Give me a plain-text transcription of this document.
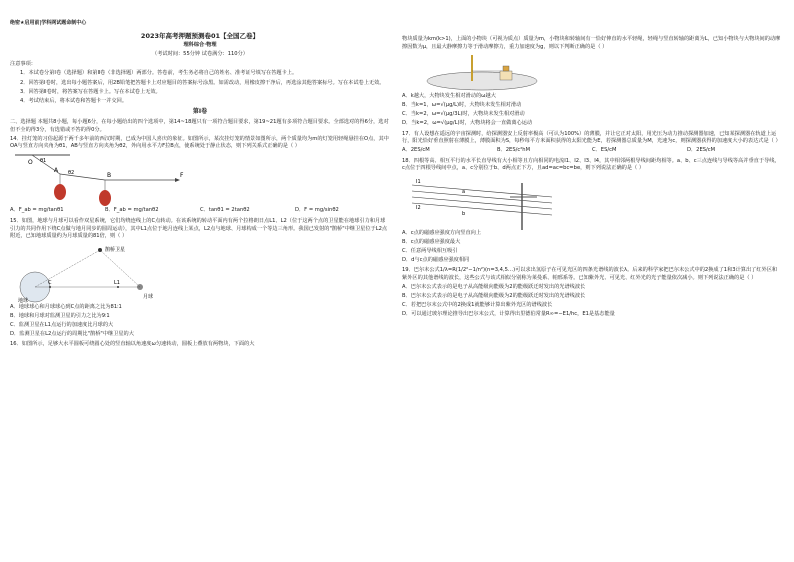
绝密★启用前|学科网试题命制中心
2023年高考押题预测卷01【全国乙卷】
理科综合·物理
（考试时间：55分钟 试卷满分：110分）
注意事项：
1．本试卷分第Ⅰ卷（选择题）和第Ⅱ卷（非选择题）两部分。答卷前，考生务必将自己的姓名、准考证号填写在答题卡上。
2．回答第Ⅰ卷时，选出每小题答案后，用2B铅笔把答题卡上对应题目的答案标号涂黑。如需改动，用橡皮擦干净后，再选涂其他答案标号。写在本试卷上无效。
3．回答第Ⅱ卷时，将答案写在答题卡上。写在本试卷上无效。
4．考试结束后，将本试卷和答题卡一并交回。
第Ⅰ卷
二、选择题 本题共8小题，每小题6分，在每小题给出的四个选项中，第14~18题只有一项符合题目要求，第19~21题有多项符合题目要求。全部选对的得6分，选对但不全的得3分，有选错或不答的得0分。
14．挂灯笼的习俗起源于两千多年前的西汉时期，已成为中国人喜庆的象征。如图所示，某次挂灯笼的情景如图所示，两个质量均为m的灯笼用轻绳悬挂在O点，其中OA与竖直方向夹角为θ1，AB与竖直方向夹角为θ2，外向用水平力F拉B点，使系统处于静止状态，则下列关系式正确的是（ ）
O
A
B	F
θ1
θ2
A．F_ab = mg/tanθ1	B．F_ab = mg/tanθ2	C．tanθ1 = 2tanθ2	D．F = mg/sinθ2
15．如图，地球与月球可以看作双星系统，它们均绕连线上的C点转动。在该系统的转动平面内有两个拉格朗日点L1、L2（位于这两个点的卫星能在地球引力和月球引力的共同作用下绕C点做与地月同步的圆周运动），其中L1点位于地月连线上某点，L2点与地球、月球构成一个等边三角形。我国已发射的"鹊桥"中继卫星位于L2点附近，已知地球质量约为月球质量的81倍，则（ ）
鹊桥卫星
月球
地球
L1
C
A．地球球心和月球球心到C点的距离之比为81∶1
B．地球和月球对监测卫星的引力之比为9∶1
C．监测卫星在L1点运行的加速度比月球的大
D．监测卫星在L2点运行的周期比"鹊桥"中继卫星的大
16．如图所示，足够大水平圆板可绕圆心处的竖直轴以角速度ω匀速转动，圆板上叠放有两物块，下面的大
物块质量为km(k>1)，上面的小物块（可视为质点）质量为m，小物块和转轴间有一恰好伸直的水平轻绳，轻绳与竖直转轴的距离为L，已知小物块与大物块间的动摩擦因数为μ，且最大静摩擦力等于滑动摩擦力，重力加速度为g，则以下判断正确的是（ ）
A．k越大，大物块发生相对滑动的ω越大
B．当k=1，ω=√(μg/L)时，大物块未发生相对滑动
C．当k=2，ω=√(μg/3L)时，大物块未发生相对滑动
D．当k=2，ω=√(μg/L)时，大物块将会一直做离心运动
17．有人设想在遥远的宇宙探测时，给探测器安上反射率极高（可认为100%）的薄膜，并让它正对太阳，用光压为动力推动探测器加速，已知某探测器在轨道上运行，阳光恰好垂直照射在薄膜上，薄膜面积为S，每秒每平方米面积获得的太阳光能为E，若探测器总质量为M，光速为c，则探测器获得的加速度大小的表达式是（ ）
A．2ES/cM	B．2ES/c²hM	C．ES/cM	D．2ES/cM
18．四根等高、相互平行的水平长直导线有大小相等且方向相同的电流I1、I2、I3、I4，其中相邻两根导线间距均相等。a、b、c三点连线与导线等高并垂直于导线，c点位于四根导线间中点，a、c分别位于b、d两点正下方，且ad=ac=bc=be，则下列说法正确的是（ ）
I1
I2
a
b
A．c点的磁感应强度方向竖直向上
B．c点的磁感应强度最大
C．任意两导线相互吸引
D．d与c点的磁感应强度相同
19．巴尔末公式1/λ=R(1/2²−1/n²)(n=3,4,5…)可以求出氢原子在可见光区的四条光谱线的波长λ。后来的科学家把巴尔末公式中的2换成了1和3计算出了红外区和紫外区的其他谱线的波长，这些公式与该式相似分别称为莱曼系、帕邢系等。已知紫外光、可见光、红外光的光子能量依次减小。则下列说法正确的是（ ）
A．巴尔末公式表示的是电子从高能级向能级为2的能级跃迁时发出的光谱线波长
B．巴尔末公式表示的是电子从高能级向能级为2的能级跃迁时发出的光谱线波长
C．若把巴尔末公式中的2换成1就能够计算出紫外光区的谱线波长
D．可以通过玻尔理论推导出巴尔末公式，计算得出里德伯常量R∞=−E1/hc，E1是基态能量
